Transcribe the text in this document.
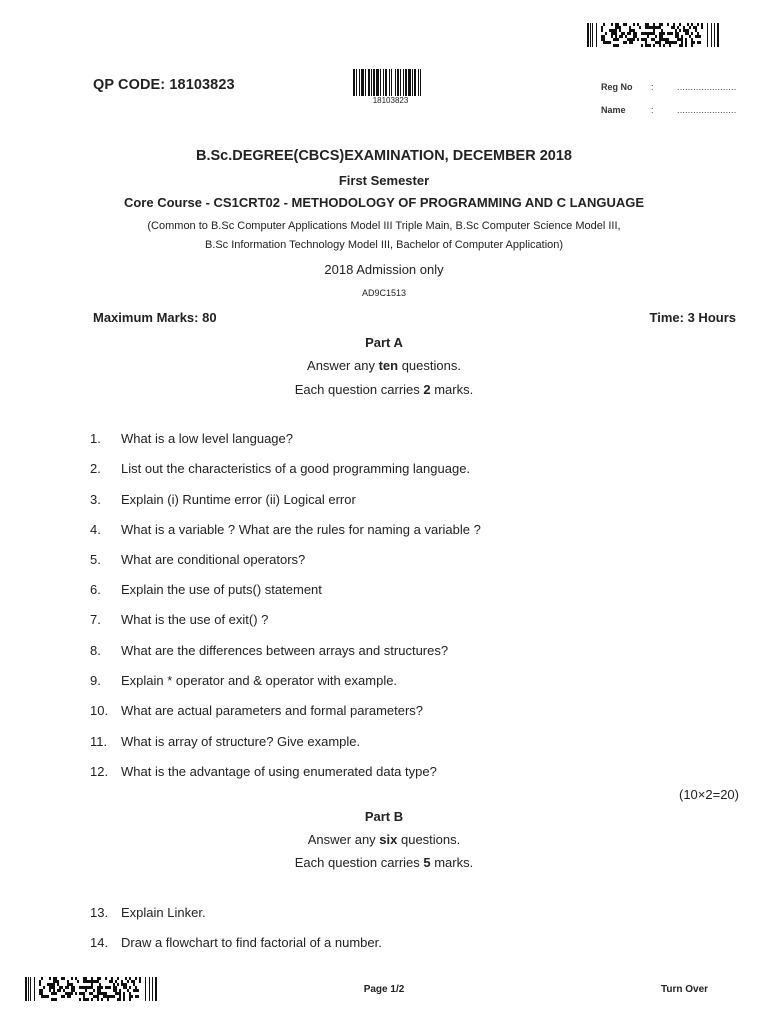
QP CODE: 18103823
18103823
Reg No :	......................
Name	:	......................
B.Sc.DEGREE(CBCS)EXAMINATION, DECEMBER 2018
First Semester
Core Course - CS1CRT02 - METHODOLOGY OF PROGRAMMING AND C LANGUAGE
(Common to B.Sc Computer Applications Model III Triple Main, B.Sc Computer Science Model III,
B.Sc Information Technology Model III, Bachelor of Computer Application)
2018 Admission only
AD9C1513
Maximum Marks: 80	Time: 3 Hours
Part A
Answer any ten questions.
Each question carries 2 marks.
1. What is a low level language?
2. List out the characteristics of a good programming language.
3. Explain (i) Runtime error (ii) Logical error
4. What is a variable ? What are the rules for naming a variable ?
5. What are conditional operators?
6. Explain the use of puts() statement
7. What is the use of exit() ?
8. What are the differences between arrays and structures?
9. Explain * operator and & operator with example.
10. What are actual parameters and formal parameters?
11. What is array of structure? Give example.
12. What is the advantage of using enumerated data type?
(10×2=20)
Part B
Answer any six questions.
Each question carries 5 marks.
13. Explain Linker.
14. Draw a flowchart to find factorial of a number.
Page 1/2	Turn Over
